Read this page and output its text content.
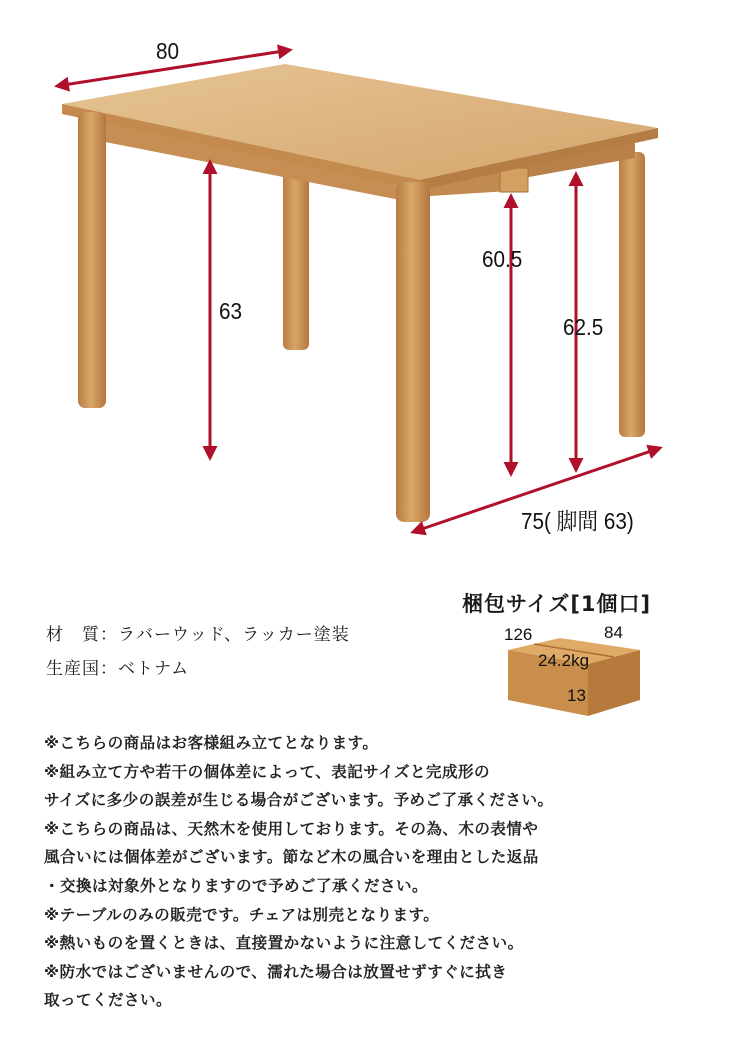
80
63
60.5
62.5
75( 脚間 63)
材　質：ラバーウッド、ラッカー塗装
生産国：ベトナム
梱包サイズ[1個口]
126	84
24.2kg
13
※こちらの商品はお客様組み立てとなります。
※組み立て方や若干の個体差によって、表記サイズと完成形の
サイズに多少の誤差が生じる場合がございます。予めご了承ください。
※こちらの商品は、天然木を使用しております。その為、木の表情や
風合いには個体差がございます。節など木の風合いを理由とした返品
・交換は対象外となりますので予めご了承ください。
※テーブルのみの販売です。チェアは別売となります。
※熱いものを置くときは、直接置かないように注意してください。
※防水ではございませんので、濡れた場合は放置せずすぐに拭き
取ってください。
